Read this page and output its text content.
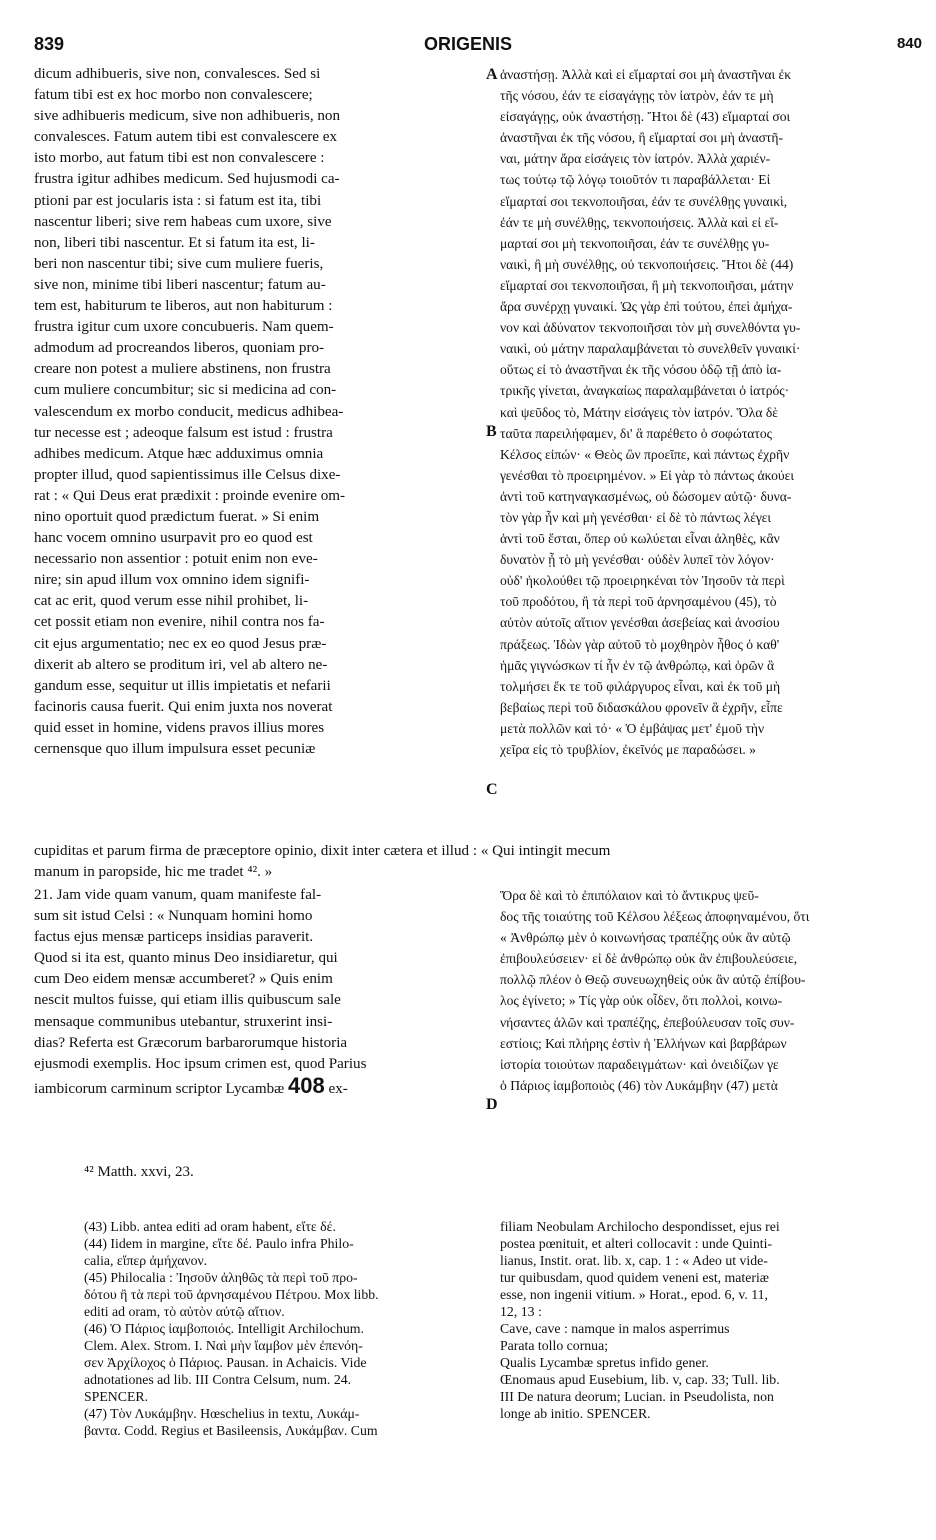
839	ORIGENIS	840
A
B
C
D
dicum adhibueris, sive non, convalesces. Sed si
fatum tibi est ex hoc morbo non convalescere;
sive adhibueris medicum, sive non adhibueris, non
convalesces. Fatum autem tibi est convalescere ex
isto morbo, aut fatum tibi est non convalescere :
frustra igitur adhibes medicum. Sed hujusmodi ca-
ptioni par est jocularis ista : si fatum est ita, tibi
nascentur liberi; sive rem habeas cum uxore, sive
non, liberi tibi nascentur. Et si fatum ita est, li-
beri non nascentur tibi; sive cum muliere fueris,
sive non, minime tibi liberi nascentur; fatum au-
tem est, habiturum te liberos, aut non habiturum :
frustra igitur cum uxore concubueris. Nam quem-
admodum ad procreandos liberos, quoniam pro-
creare non potest a muliere abstinens, non frustra
cum muliere concumbitur; sic si medicina ad con-
valescendum ex morbo conducit, medicus adhibea-
tur necesse est ; adeoque falsum est istud : frustra
adhibes medicum. Atque hæc adduximus omnia
propter illud, quod sapientissimus ille Celsus dixe-
rat : « Qui Deus erat prædixit : proinde evenire om-
nino oportuit quod prædictum fuerat. » Si enim
hanc vocem omnino usurpavit pro eo quod est
necessario non assentior : potuit enim non eve-
nire; sin apud illum vox omnino idem signifi-
cat ac erit, quod verum esse nihil prohibet, li-
cet possit etiam non evenire, nihil contra nos fa-
cit ejus argumentatio; nec ex eo quod Jesus præ-
dixerit ab altero se proditum iri, vel ab altero ne-
gandum esse, sequitur ut illis impietatis et nefarii
facinoris causa fuerit. Qui enim juxta nos noverat
quid esset in homine, videns pravos illius mores
cernensque quo illum impulsura esset pecuniæ
ἀναστήσῃ. Ἀλλὰ καὶ εἰ εἵμαρταί σοι μὴ ἀναστῆναι ἐκ
τῆς νόσου, ἐάν τε εἰσαγάγῃς τὸν ἰατρὸν, ἐάν τε μὴ
εἰσαγάγῃς, οὐκ ἀναστήσῃ. Ἤτοι δὲ (43) εἵμαρταί σοι
ἀναστῆναι ἐκ τῆς νόσου, ἢ εἵμαρταί σοι μὴ ἀναστῆ-
ναι, μάτην ἄρα εἰσάγεις τὸν ἰατρόν. Ἀλλὰ χαριέν-
τως τούτῳ τῷ λόγῳ τοιοῦτόν τι παραβάλλεται· Εἰ
εἵμαρταί σοι τεκνοποιῆσαι, ἐάν τε συνέλθῃς γυναικὶ,
ἐάν τε μὴ συνέλθῃς, τεκνοποιήσεις. Ἀλλὰ καὶ εἰ εἵ-
μαρταί σοι μὴ τεκνοποιῆσαι, ἐάν τε συνέλθῃς γυ-
ναικὶ, ἢ μὴ συνέλθῃς, οὐ τεκνοποιήσεις. Ἤτοι δὲ (44)
εἵμαρταί σοι τεκνοποιῆσαι, ἢ μὴ τεκνοποιῆσαι, μάτην
ἄρα συνέρχῃ γυναικί. Ὡς γὰρ ἐπὶ τούτου, ἐπεὶ ἀμήχα-
νον καὶ ἀδύνατον τεκνοποιῆσαι τὸν μὴ συνελθόντα γυ-
ναικὶ, οὐ μάτην παραλαμβάνεται τὸ συνελθεῖν γυναικί·
οὕτως εἰ τὸ ἀναστῆναι ἐκ τῆς νόσου ὁδῷ τῇ ἀπὸ ἰα-
τρικῆς γίνεται, ἀναγκαίως παραλαμβάνεται ὁ ἰατρός·
καὶ ψεῦδος τὸ, Μάτην εἰσάγεις τὸν ἰατρόν. Ὅλα δὲ
ταῦτα παρειλήφαμεν, δι' ἃ παρέθετο ὁ σοφώτατος
Κέλσος εἰπών· « Θεὸς ὢν προεῖπε, καὶ πάντως ἐχρῆν
γενέσθαι τὸ προειρημένον. » Εἰ γὰρ τὸ πάντως ἀκούει
ἀντὶ τοῦ κατηναγκασμένως, οὐ δώσομεν αὐτῷ· δυνα-
τὸν γὰρ ἦν καὶ μὴ γενέσθαι· εἰ δὲ τὸ πάντως λέγει
ἀντὶ τοῦ ἔσται, ὅπερ οὐ κωλύεται εἶναι ἀληθὲς, κἂν
δυνατὸν ᾖ τὸ μὴ γενέσθαι· οὐδὲν λυπεῖ τὸν λόγον·
οὐδ' ἠκολούθει τῷ προειρηκέναι τὸν Ἰησοῦν τὰ περὶ
τοῦ προδότου, ἢ τὰ περὶ τοῦ ἀρνησαμένου (45), τὸ
αὐτὸν αὐτοῖς αἴτιον γενέσθαι ἀσεβείας καὶ ἀνοσίου
πράξεως. Ἰδὼν γὰρ αὐτοῦ τὸ μοχθηρὸν ἦθος ὁ καθ'
ἡμᾶς γιγνώσκων τί ἦν ἐν τῷ ἀνθρώπῳ, καὶ ὁρῶν ἃ
τολμήσει ἔκ τε τοῦ φιλάργυρος εἶναι, καὶ ἐκ τοῦ μὴ
βεβαίως περὶ τοῦ διδασκάλου φρονεῖν ἃ ἐχρῆν, εἶπε
μετὰ πολλῶν καὶ τό· « Ὁ ἐμβάψας μετ' ἐμοῦ τὴν
χεῖρα εἰς τὸ τρυβλίον, ἐκεῖνός με παραδώσει. »
cupiditas et parum firma de præceptore opinio, dixit inter cætera et illud : « Qui intingit mecum
manum in paropside, hic me tradet ⁴². »
21. Jam vide quam vanum, quam manifeste fal-
sum sit istud Celsi : « Nunquam homini homo
factus ejus mensæ particeps insidias paraverit.
Quod si ita est, quanto minus Deo insidiaretur, qui
cum Deo eidem mensæ accumberet? » Quis enim
nescit multos fuisse, qui etiam illis quibuscum sale
mensaque communibus utebantur, struxerint insi-
dias? Referta est Græcorum barbarorumque historia
ejusmodi exemplis. Hoc ipsum crimen est, quod Parius
iambicorum carminum scriptor Lycambæ 408 ex-
Ὅρα δὲ καὶ τὸ ἐπιπόλαιον καὶ τὸ ἄντικρυς ψεῦ-
δος τῆς τοιαύτης τοῦ Κέλσου λέξεως ἀποφηναμένου, ὅτι
« Ἀνθρώπῳ μὲν ὁ κοινωνήσας τραπέζης οὐκ ἂν αὐτῷ
ἐπιβουλεύσειεν· εἰ δὲ ἀνθρώπῳ οὐκ ἂν ἐπιβουλεύσειε,
πολλῷ πλέον ὁ Θεῷ συνευωχηθεὶς οὐκ ἂν αὐτῷ ἐπίβου-
λος ἐγίνετο; » Τίς γὰρ οὐκ οἶδεν, ὅτι πολλοὶ, κοινω-
νήσαντες ἁλῶν καὶ τραπέζης, ἐπεβούλευσαν τοῖς συν-
εστίοις; Καὶ πλήρης ἐστὶν ἡ Ἑλλήνων καὶ βαρβάρων
ἱστορία τοιούτων παραδειγμάτων· καὶ ὀνειδίζων γε
ὁ Πάριος ἰαμβοποιὸς (46) τὸν Λυκάμβην (47) μετὰ
⁴² Matth. xxvi, 23.
(43) Libb. antea editi ad oram habent, εἴτε δέ.
(44) Iidem in margine, εἴτε δέ. Paulo infra Philo-
calia, εἴπερ ἀμήχανον.
(45) Philocalia : Ἰησοῦν ἀληθῶς τὰ περὶ τοῦ προ-
δότου ἢ τὰ περὶ τοῦ ἀρνησαμένου Πέτρου. Mox libb.
editi ad oram, τὸ αὐτὸν αὐτῷ αἴτιον.
(46) Ὁ Πάριος ἰαμβοποιός. Intelligit Archilochum.
Clem. Alex. Strom. I. Ναὶ μὴν ἴαμβον μὲν ἐπενόη-
σεν Ἀρχίλοχος ὁ Πάριος. Pausan. in Achaicis. Vide
adnotationes ad lib. III Contra Celsum, num. 24.
SPENCER.
(47) Τὸν Λυκάμβην. Hœschelius in textu, Λυκάμ-
βαντα. Codd. Regius et Basileensis, Λυκάμβαν. Cum
filiam Neobulam Archilocho despondisset, ejus rei
postea pœnituit, et alteri collocavit : unde Quinti-
lianus, Instit. orat. lib. x, cap. 1 : « Adeo ut vide-
tur quibusdam, quod quidem veneni est, materiæ
esse, non ingenii vitium. » Horat., epod. 6, v. 11,
12, 13 :
Cave, cave : namque in malos asperrimus
Parata tollo cornua;
Qualis Lycambæ spretus infido gener.
Œnomaus apud Eusebium, lib. v, cap. 33; Tull. lib.
III De natura deorum; Lucian. in Pseudolista, non
longe ab initio. SPENCER.
